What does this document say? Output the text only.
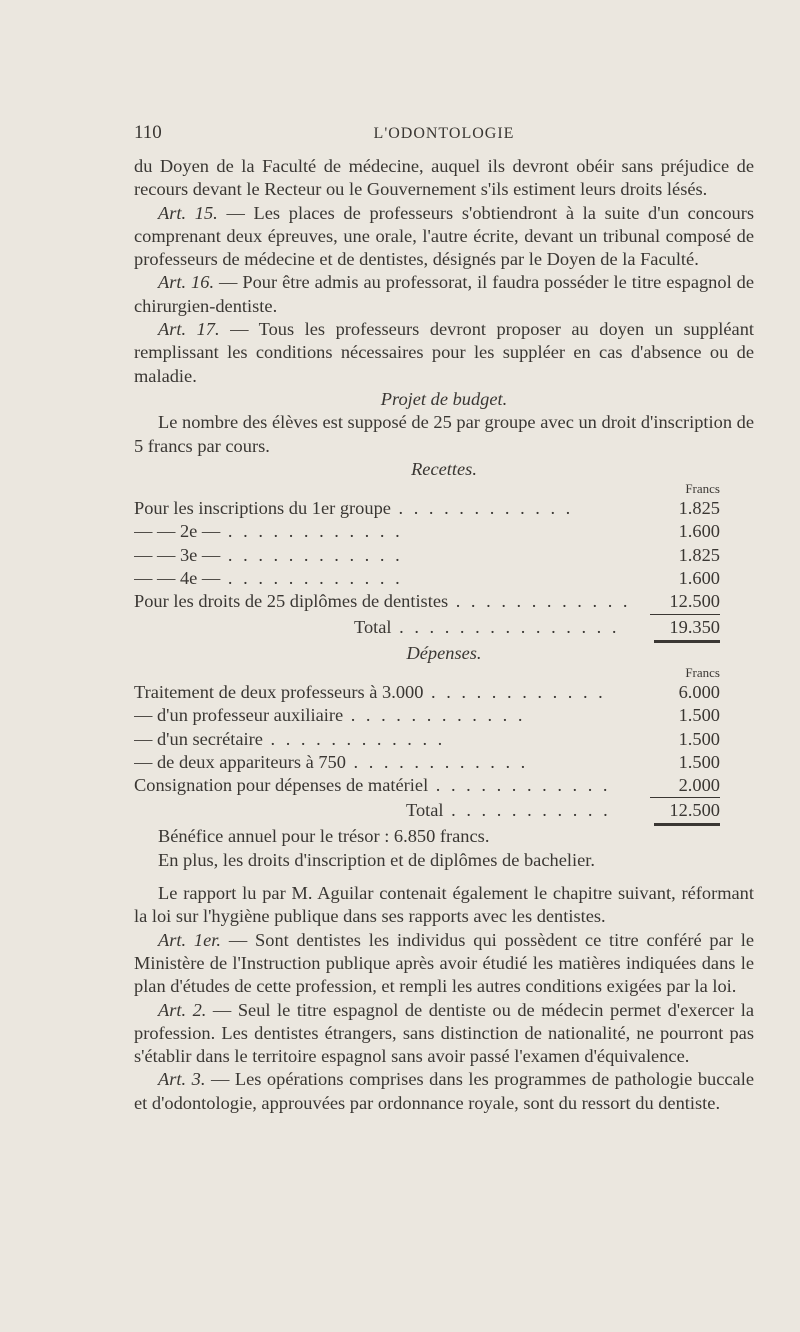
110	L'ODONTOLOGIE

du Doyen de la Faculté de médecine, auquel ils devront obéir sans préjudice de recours devant le Recteur ou le Gouvernement s'ils estiment leurs droits lésés.

Art. 15. — Les places de professeurs s'obtiendront à la suite d'un concours comprenant deux épreuves, une orale, l'autre écrite, devant un tribunal composé de professeurs de médecine et de dentistes, désignés par le Doyen de la Faculté.

Art. 16. — Pour être admis au professorat, il faudra posséder le titre espagnol de chirurgien-dentiste.

Art. 17. — Tous les professeurs devront proposer au doyen un suppléant remplissant les conditions nécessaires pour les suppléer en cas d'absence ou de maladie.

Projet de budget.

Le nombre des élèves est supposé de 25 par groupe avec un droit d'inscription de 5 francs par cours.

Recettes.

Francs
Pour les inscriptions du 1er groupe . . . . . . . . . . . .	1.825
— — 2e — . . . . . . . . . . . .	1.600
— — 3e — . . . . . . . . . . . .	1.825
— — 4e — . . . . . . . . . . . .	1.600
Pour les droits de 25 diplômes de dentistes . . . . . . . . . . . .	12.500
Total . . . . . . . . . . . . . . .	19.350

Dépenses.

Francs
Traitement de deux professeurs à 3.000 . . . . . . . . . . . .	6.000
— d'un professeur auxiliaire . . . . . . . . . . . .	1.500
— d'un secrétaire . . . . . . . . . . . .	1.500
— de deux appariteurs à 750 . . . . . . . . . . . .	1.500
Consignation pour dépenses de matériel . . . . . . . . . . . .	2.000
Total . . . . . . . . . . .	12.500

Bénéfice annuel pour le trésor : 6.850 francs.

En plus, les droits d'inscription et de diplômes de bachelier.

Le rapport lu par M. Aguilar contenait également le chapitre suivant, réformant la loi sur l'hygiène publique dans ses rapports avec les dentistes.

Art. 1er. — Sont dentistes les individus qui possèdent ce titre conféré par le Ministère de l'Instruction publique après avoir étudié les matières indiquées dans le plan d'études de cette profession, et rempli les autres conditions exigées par la loi.

Art. 2. — Seul le titre espagnol de dentiste ou de médecin permet d'exercer la profession. Les dentistes étrangers, sans distinction de nationalité, ne pourront pas s'établir dans le territoire espagnol sans avoir passé l'examen d'équivalence.

Art. 3. — Les opérations comprises dans les programmes de pathologie buccale et d'odontologie, approuvées par ordonnance royale, sont du ressort du dentiste.
